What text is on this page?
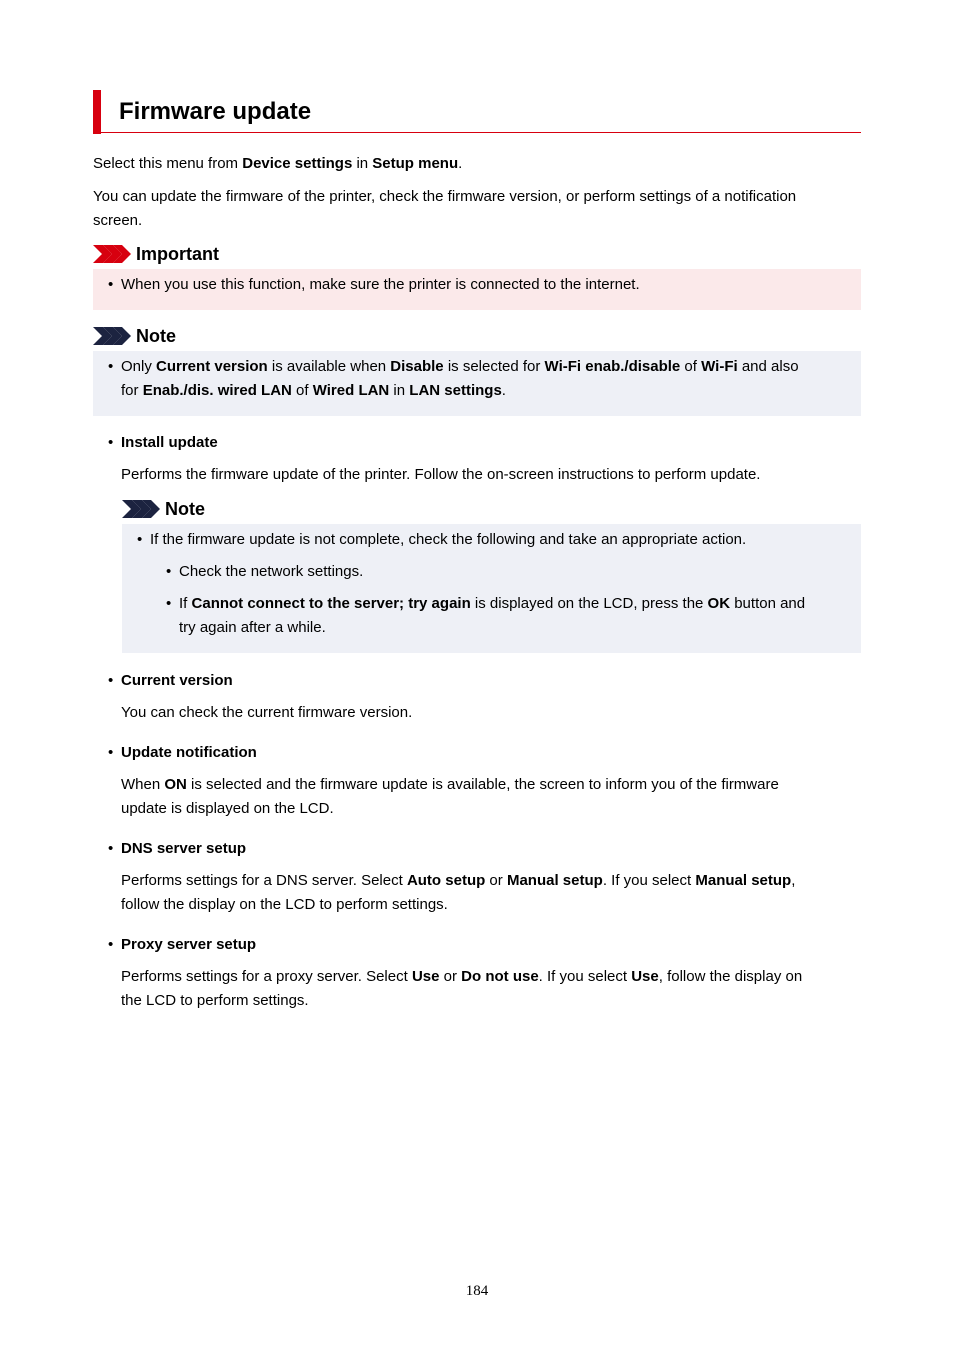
Firmware update
Select this menu from Device settings in Setup menu.
You can update the firmware of the printer, check the firmware version, or perform settings of a notification
screen.
Important
• When you use this function, make sure the printer is connected to the internet.
Note
• Only Current version is available when Disable is selected for Wi-Fi enab./disable of Wi-Fi and also
for Enab./dis. wired LAN of Wired LAN in LAN settings.
• Install update
Performs the firmware update of the printer. Follow the on-screen instructions to perform update.
Note
• If the firmware update is not complete, check the following and take an appropriate action.
• Check the network settings.
• If Cannot connect to the server; try again is displayed on the LCD, press the OK button and
try again after a while.
• Current version
You can check the current firmware version.
• Update notification
When ON is selected and the firmware update is available, the screen to inform you of the firmware
update is displayed on the LCD.
• DNS server setup
Performs settings for a DNS server. Select Auto setup or Manual setup. If you select Manual setup,
follow the display on the LCD to perform settings.
• Proxy server setup
Performs settings for a proxy server. Select Use or Do not use. If you select Use, follow the display on
the LCD to perform settings.
184
